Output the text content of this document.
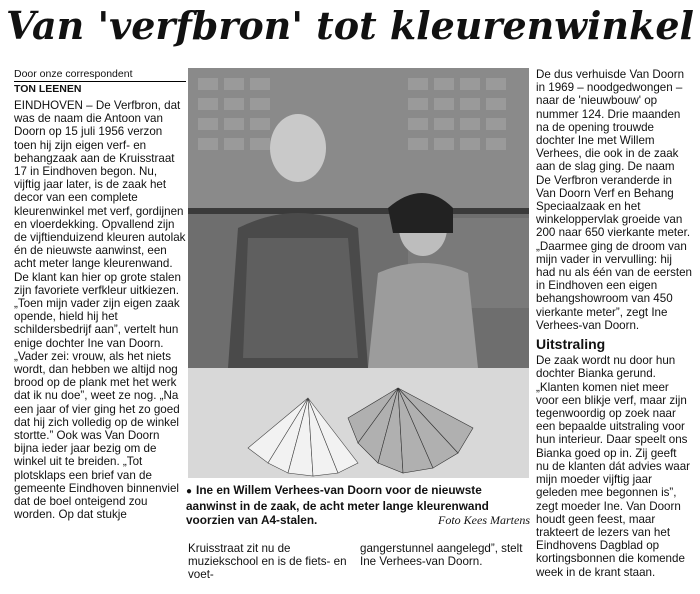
Van 'verfbron' tot kleurenwinkel
Door onze correspondent
TON LEENEN

EINDHOVEN – De Verfbron, dat was de naam die Antoon van Doorn op 15 juli 1956 verzon toen hij zijn eigen verf- en behangzaak aan de Kruisstraat 17 in Eindhoven begon. Nu, vijftig jaar later, is de zaak het decor van een complete kleurenwinkel met verf, gordijnen en vloerdekking. Opvallend zijn de vijftienduizend kleuren autolak én de nieuwste aanwinst, een acht meter lange kleurenwand. De klant kan hier op grote stalen zijn favoriete verfkleur uitkiezen. „Toen mijn vader zijn eigen zaak opende, hield hij het schildersbedrijf aan”, vertelt hun enige dochter Ine van Doorn. „Vader zei: vrouw, als het niets wordt, dan hebben we altijd nog brood op de plank met het werk dat ik nu doe”, weet ze nog. „Na een jaar of vier ging het zo goed dat hij zich volledig op de winkel stortte.” Ook was Van Doorn bijna ieder jaar bezig om de winkel uit te breiden. „Tot plotsklaps een brief van de gemeente Eindhoven binnenviel dat de boel onteigend zou worden. Op dat stukje

● Ine en Willem Verhees-van Doorn voor de nieuwste aanwinst in de zaak, de acht meter lange kleurenwand voorzien van A4-stalen.	Foto Kees Martens

Kruisstraat zit nu de muziekschool en is de fiets- en voet-

gangerstunnel aangelegd”, stelt Ine Verhees-van Doorn.

De dus verhuisde Van Doorn in 1969 – noodgedwongen – naar de 'nieuwbouw' op nummer 124. Drie maanden na de opening trouwde dochter Ine met Willem Verhees, die ook in de zaak aan de slag ging. De naam De Verfbron veranderde in Van Doorn Verf en Behang Speciaalzaak en het winkeloppervlak groeide van 200 naar 650 vierkante meter. „Daarmee ging de droom van mijn vader in vervulling: hij had nu als één van de eersten in Eindhoven een eigen behangshowroom van 450 vierkante meter”, zegt Ine Verhees-van Doorn.

Uitstraling

De zaak wordt nu door hun dochter Bianka gerund. „Klanten komen niet meer voor een blikje verf, maar zijn tegenwoordig op zoek naar een bepaalde uitstraling voor hun interieur. Daar speelt ons Bianka goed op in. Zij geeft nu de klanten dát advies waar mijn moeder vijftig jaar geleden mee begonnen is”, zegt moeder Ine. Van Doorn houdt geen feest, maar trakteert de lezers van het Eindhovens Dagblad op kortingsbonnen die komende week in de krant staan.
